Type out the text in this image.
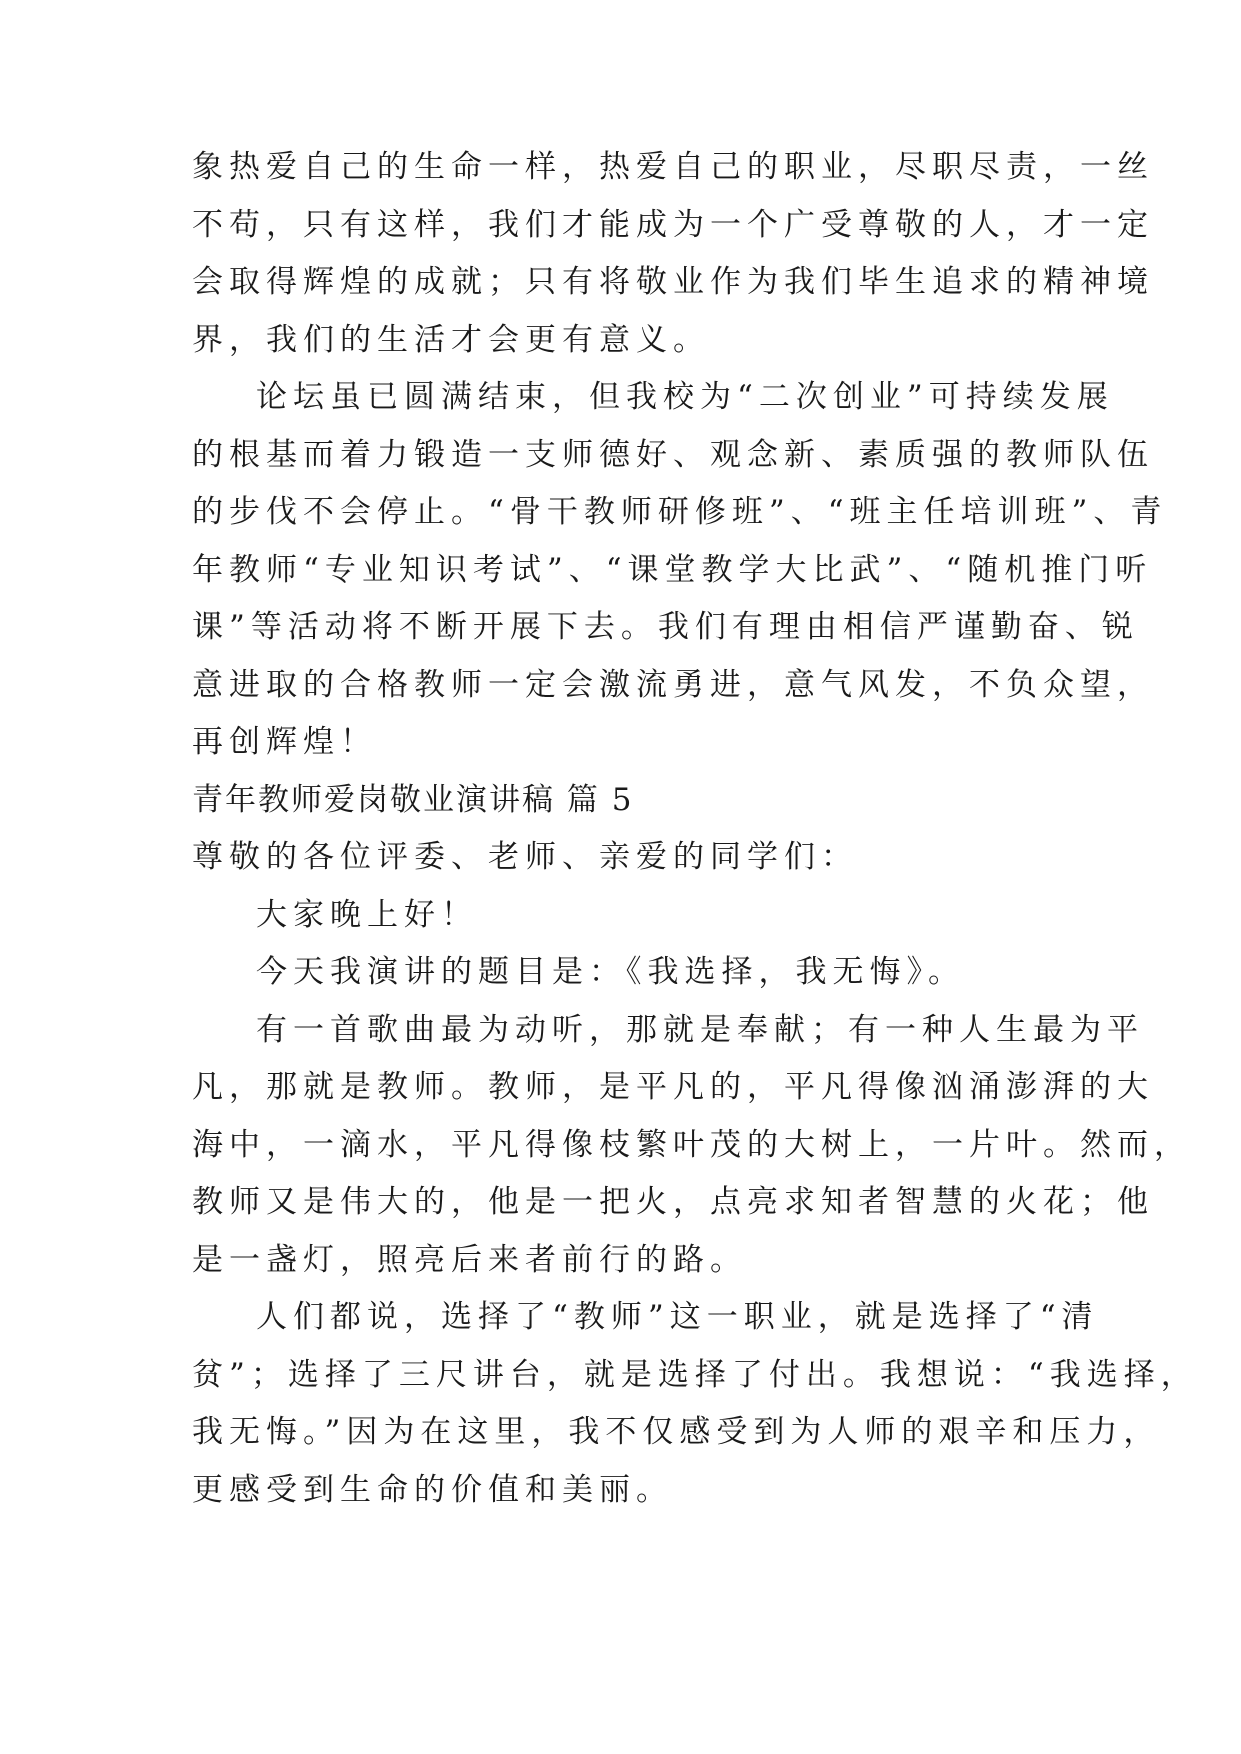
象热爱自己的生命一样，热爱自己的职业，尽职尽责，一丝
不苟，只有这样，我们才能成为一个广受尊敬的人，才一定
会取得辉煌的成就；只有将敬业作为我们毕生追求的精神境
界，我们的生活才会更有意义。
论坛虽已圆满结束，但我校为“二次创业”可持续发展
的根基而着力锻造一支师德好、观念新、素质强的教师队伍
的步伐不会停止。“骨干教师研修班”、“班主任培训班”、青
年教师“专业知识考试”、“课堂教学大比武”、“随机推门听
课”等活动将不断开展下去。我们有理由相信严谨勤奋、锐
意进取的合格教师一定会激流勇进，意气风发，不负众望，
再创辉煌！
青年教师爱岗敬业演讲稿 篇 5
尊敬的各位评委、老师、亲爱的同学们：
大家晚上好！
今天我演讲的题目是：《我选择，我无悔》。
有一首歌曲最为动听，那就是奉献；有一种人生最为平
凡，那就是教师。教师，是平凡的，平凡得像汹涌澎湃的大
海中，一滴水，平凡得像枝繁叶茂的大树上，一片叶。然而，
教师又是伟大的，他是一把火，点亮求知者智慧的火花；他
是一盏灯，照亮后来者前行的路。
人们都说，选择了“教师”这一职业，就是选择了“清
贫”；选择了三尺讲台，就是选择了付出。我想说：“我选择，
我无悔。”因为在这里，我不仅感受到为人师的艰辛和压力，
更感受到生命的价值和美丽。
